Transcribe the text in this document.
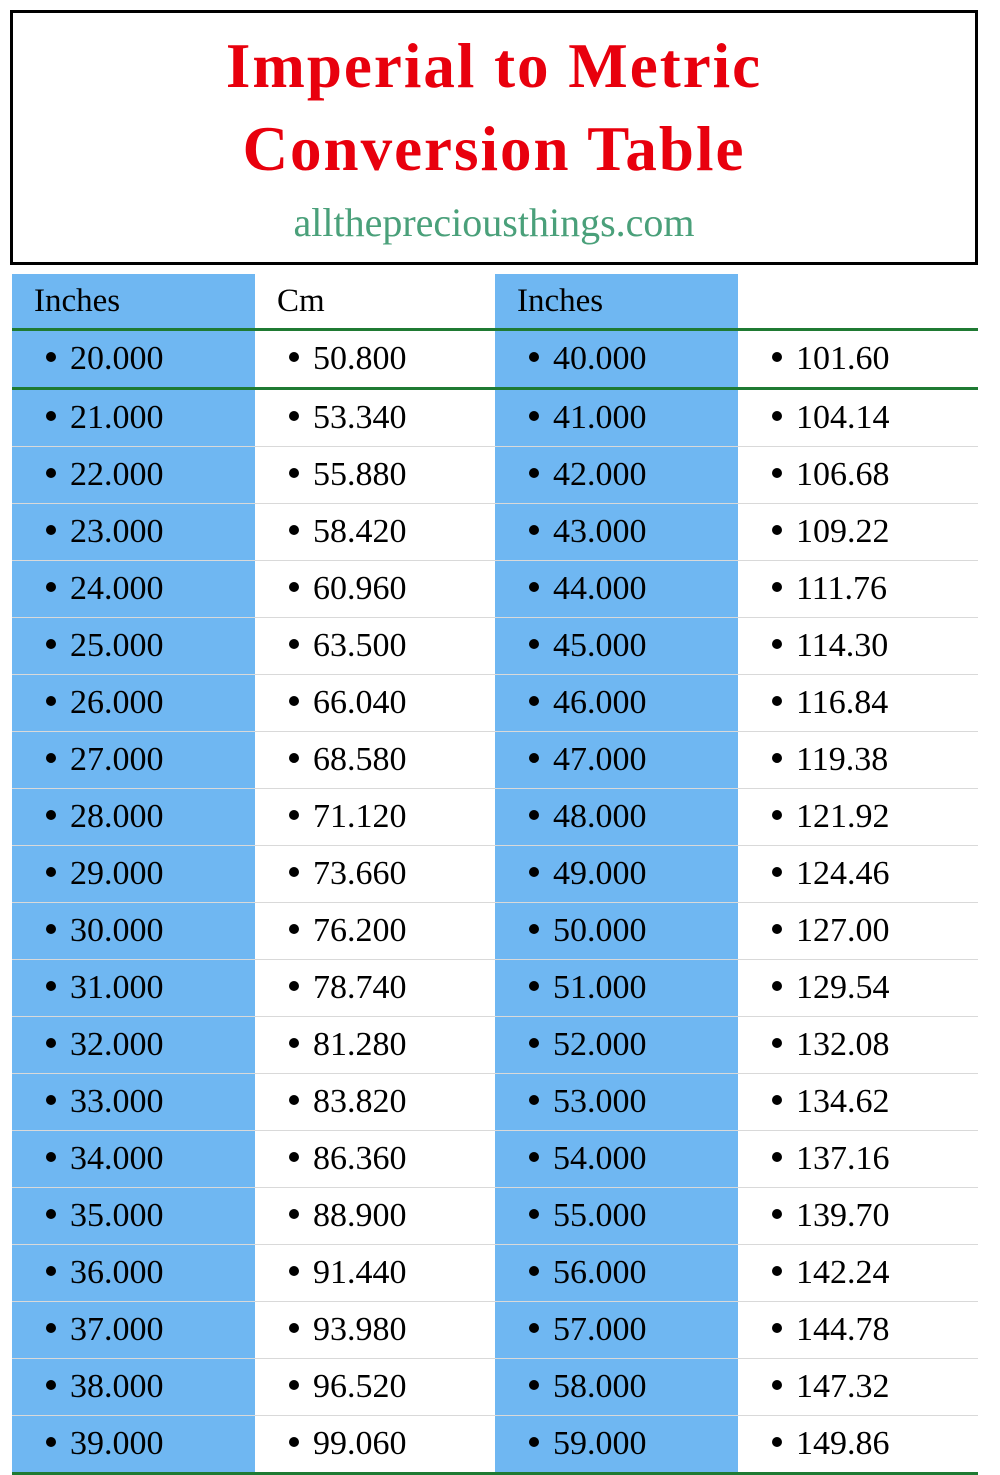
Imperial to Metric
Conversion Table
allthepreciousthings.com
Inches	Cm	Inches	
20.000	50.800	40.000	101.60
21.000	53.340	41.000	104.14
22.000	55.880	42.000	106.68
23.000	58.420	43.000	109.22
24.000	60.960	44.000	111.76
25.000	63.500	45.000	114.30
26.000	66.040	46.000	116.84
27.000	68.580	47.000	119.38
28.000	71.120	48.000	121.92
29.000	73.660	49.000	124.46
30.000	76.200	50.000	127.00
31.000	78.740	51.000	129.54
32.000	81.280	52.000	132.08
33.000	83.820	53.000	134.62
34.000	86.360	54.000	137.16
35.000	88.900	55.000	139.70
36.000	91.440	56.000	142.24
37.000	93.980	57.000	144.78
38.000	96.520	58.000	147.32
39.000	99.060	59.000	149.86
